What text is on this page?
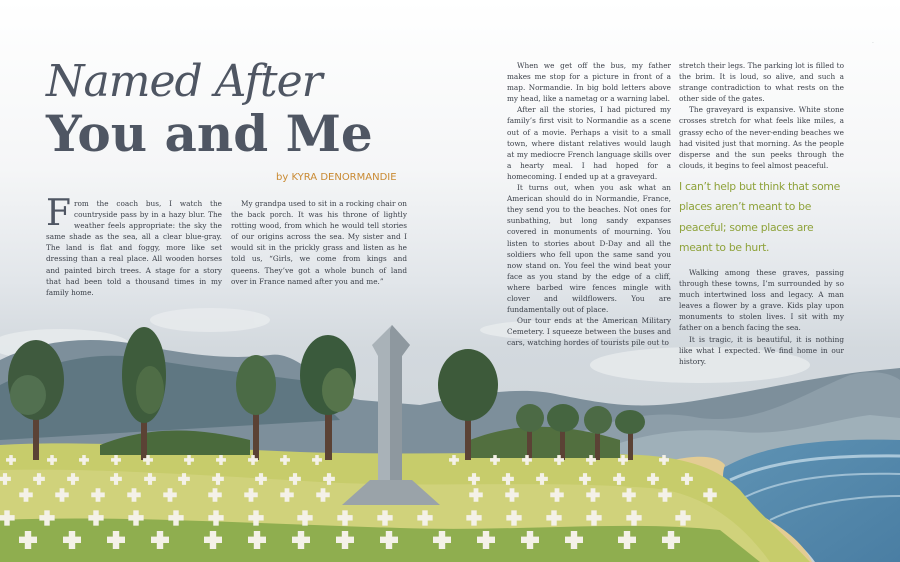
·
Named After
You and Me
by KYRA DENORMANDIE

From the coach bus, I watch the countryside pass by in a hazy blur. The weather feels appropriate: the sky the same shade as the sea, all a clear blue-gray. The land is flat and foggy, more like set dressing than a real place. All wooden horses and painted birch trees. A stage for a story that had been told a thousand times in my family home.

My grandpa used to sit in a rocking chair on the back porch. It was his throne of lightly rotting wood, from which he would tell stories of our origins across the sea. My sister and I would sit in the prickly grass and listen as he told us, “Girls, we come from kings and queens. They’ve got a whole bunch of land over in France named after you and me.”

When we get off the bus, my father makes me stop for a picture in front of a map. Normandie. In big bold letters above my head, like a nametag or a warning label.

After all the stories, I had pictured my family’s first visit to Normandie as a scene out of a movie. Perhaps a visit to a small town, where distant relatives would laugh at my mediocre French language skills over a hearty meal. I had hoped for a homecoming. I ended up at a graveyard.

It turns out, when you ask what an American should do in Normandie, France, they send you to the beaches. Not ones for sunbathing, but long sandy expanses covered in monuments of mourning. You listen to stories about D-Day and all the soldiers who fell upon the same sand you now stand on. You feel the wind beat your face as you stand by the edge of a cliff, where barbed wire fences mingle with clover and wildflowers. You are fundamentally out of place.

Our tour ends at the American Military Cemetery. I squeeze between the buses and cars, watching hordes of tourists pile out to

stretch their legs. The parking lot is filled to the brim. It is loud, so alive, and such a strange contradiction to what rests on the other side of the gates.

The graveyard is expansive. White stone crosses stretch for what feels like miles, a grassy echo of the never-ending beaches we had visited just that morning. As the people disperse and the sun peeks through the clouds, it begins to feel almost peaceful.

I can’t help but think that some places aren’t meant to be peaceful; some places are meant to be hurt.

Walking among these graves, passing through these towns, I’m surrounded by so much intertwined loss and legacy. A man leaves a flower by a grave. Kids play upon monuments to stolen lives. I sit with my father on a bench facing the sea.

It is tragic, it is beautiful, it is nothing like what I expected. We find home in our history.
